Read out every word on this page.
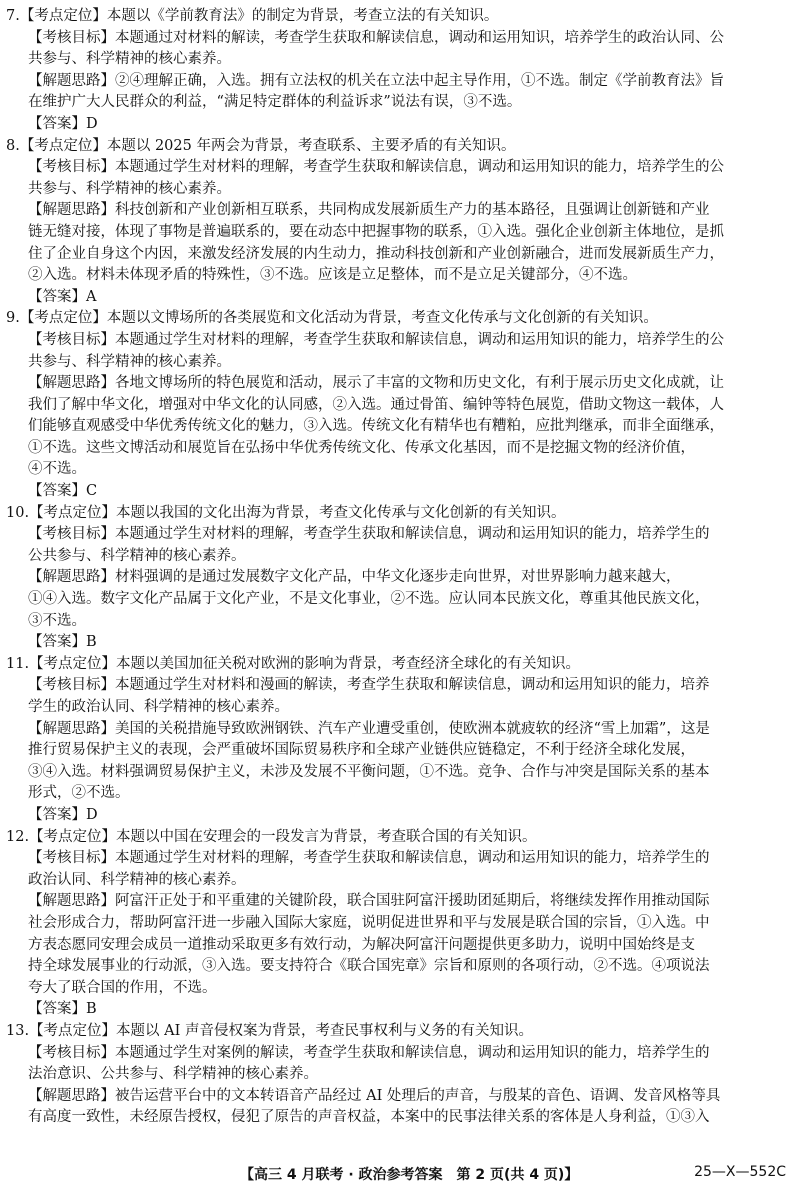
7.【考点定位】本题以《学前教育法》的制定为背景，考查立法的有关知识。
【考核目标】本题通过对材料的解读，考查学生获取和解读信息，调动和运用知识，培养学生的政治认同、公
共参与、科学精神的核心素养。
【解题思路】②④理解正确，入选。拥有立法权的机关在立法中起主导作用，①不选。制定《学前教育法》旨
在维护广大人民群众的利益，“满足特定群体的利益诉求”说法有误，③不选。
【答案】D
8.【考点定位】本题以 2025 年两会为背景，考查联系、主要矛盾的有关知识。
【考核目标】本题通过学生对材料的理解，考查学生获取和解读信息，调动和运用知识的能力，培养学生的公
共参与、科学精神的核心素养。
【解题思路】科技创新和产业创新相互联系，共同构成发展新质生产力的基本路径，且强调让创新链和产业
链无缝对接，体现了事物是普遍联系的，要在动态中把握事物的联系，①入选。强化企业创新主体地位，是抓
住了企业自身这个内因，来激发经济发展的内生动力，推动科技创新和产业创新融合，进而发展新质生产力，
②入选。材料未体现矛盾的特殊性，③不选。应该是立足整体，而不是立足关键部分，④不选。
【答案】A
9.【考点定位】本题以文博场所的各类展览和文化活动为背景，考查文化传承与文化创新的有关知识。
【考核目标】本题通过学生对材料的理解，考查学生获取和解读信息，调动和运用知识的能力，培养学生的公
共参与、科学精神的核心素养。
【解题思路】各地文博场所的特色展览和活动，展示了丰富的文物和历史文化，有利于展示历史文化成就，让
我们了解中华文化，增强对中华文化的认同感，②入选。通过骨笛、编钟等特色展览，借助文物这一载体，人
们能够直观感受中华优秀传统文化的魅力，③入选。传统文化有精华也有糟粕，应批判继承，而非全面继承，
①不选。这些文博活动和展览旨在弘扬中华优秀传统文化、传承文化基因，而不是挖掘文物的经济价值，
④不选。
【答案】C
10.【考点定位】本题以我国的文化出海为背景，考查文化传承与文化创新的有关知识。
【考核目标】本题通过学生对材料的理解，考查学生获取和解读信息，调动和运用知识的能力，培养学生的
公共参与、科学精神的核心素养。
【解题思路】材料强调的是通过发展数字文化产品，中华文化逐步走向世界，对世界影响力越来越大，
①④入选。数字文化产品属于文化产业，不是文化事业，②不选。应认同本民族文化，尊重其他民族文化，
③不选。
【答案】B
11.【考点定位】本题以美国加征关税对欧洲的影响为背景，考查经济全球化的有关知识。
【考核目标】本题通过学生对材料和漫画的解读，考查学生获取和解读信息，调动和运用知识的能力，培养
学生的政治认同、科学精神的核心素养。
【解题思路】美国的关税措施导致欧洲钢铁、汽车产业遭受重创，使欧洲本就疲软的经济“雪上加霜”，这是
推行贸易保护主义的表现，会严重破坏国际贸易秩序和全球产业链供应链稳定，不利于经济全球化发展，
③④入选。材料强调贸易保护主义，未涉及发展不平衡问题，①不选。竞争、合作与冲突是国际关系的基本
形式，②不选。
【答案】D
12.【考点定位】本题以中国在安理会的一段发言为背景，考查联合国的有关知识。
【考核目标】本题通过学生对材料的理解，考查学生获取和解读信息，调动和运用知识的能力，培养学生的
政治认同、科学精神的核心素养。
【解题思路】阿富汗正处于和平重建的关键阶段，联合国驻阿富汗援助团延期后，将继续发挥作用推动国际
社会形成合力，帮助阿富汗进一步融入国际大家庭，说明促进世界和平与发展是联合国的宗旨，①入选。中
方表态愿同安理会成员一道推动采取更多有效行动，为解决阿富汗问题提供更多助力，说明中国始终是支
持全球发展事业的行动派，③入选。要支持符合《联合国宪章》宗旨和原则的各项行动，②不选。④项说法
夸大了联合国的作用，不选。
【答案】B
13.【考点定位】本题以 AI 声音侵权案为背景，考查民事权利与义务的有关知识。
【考核目标】本题通过学生对案例的解读，考查学生获取和解读信息，调动和运用知识的能力，培养学生的
法治意识、公共参与、科学精神的核心素养。
【解题思路】被告运营平台中的文本转语音产品经过 AI 处理后的声音，与殷某的音色、语调、发音风格等具
有高度一致性，未经原告授权，侵犯了原告的声音权益，本案中的民事法律关系的客体是人身利益，①③入
【高三 4 月联考 · 政治参考答案　第 2 页(共 4 页)】	25—X—552C
